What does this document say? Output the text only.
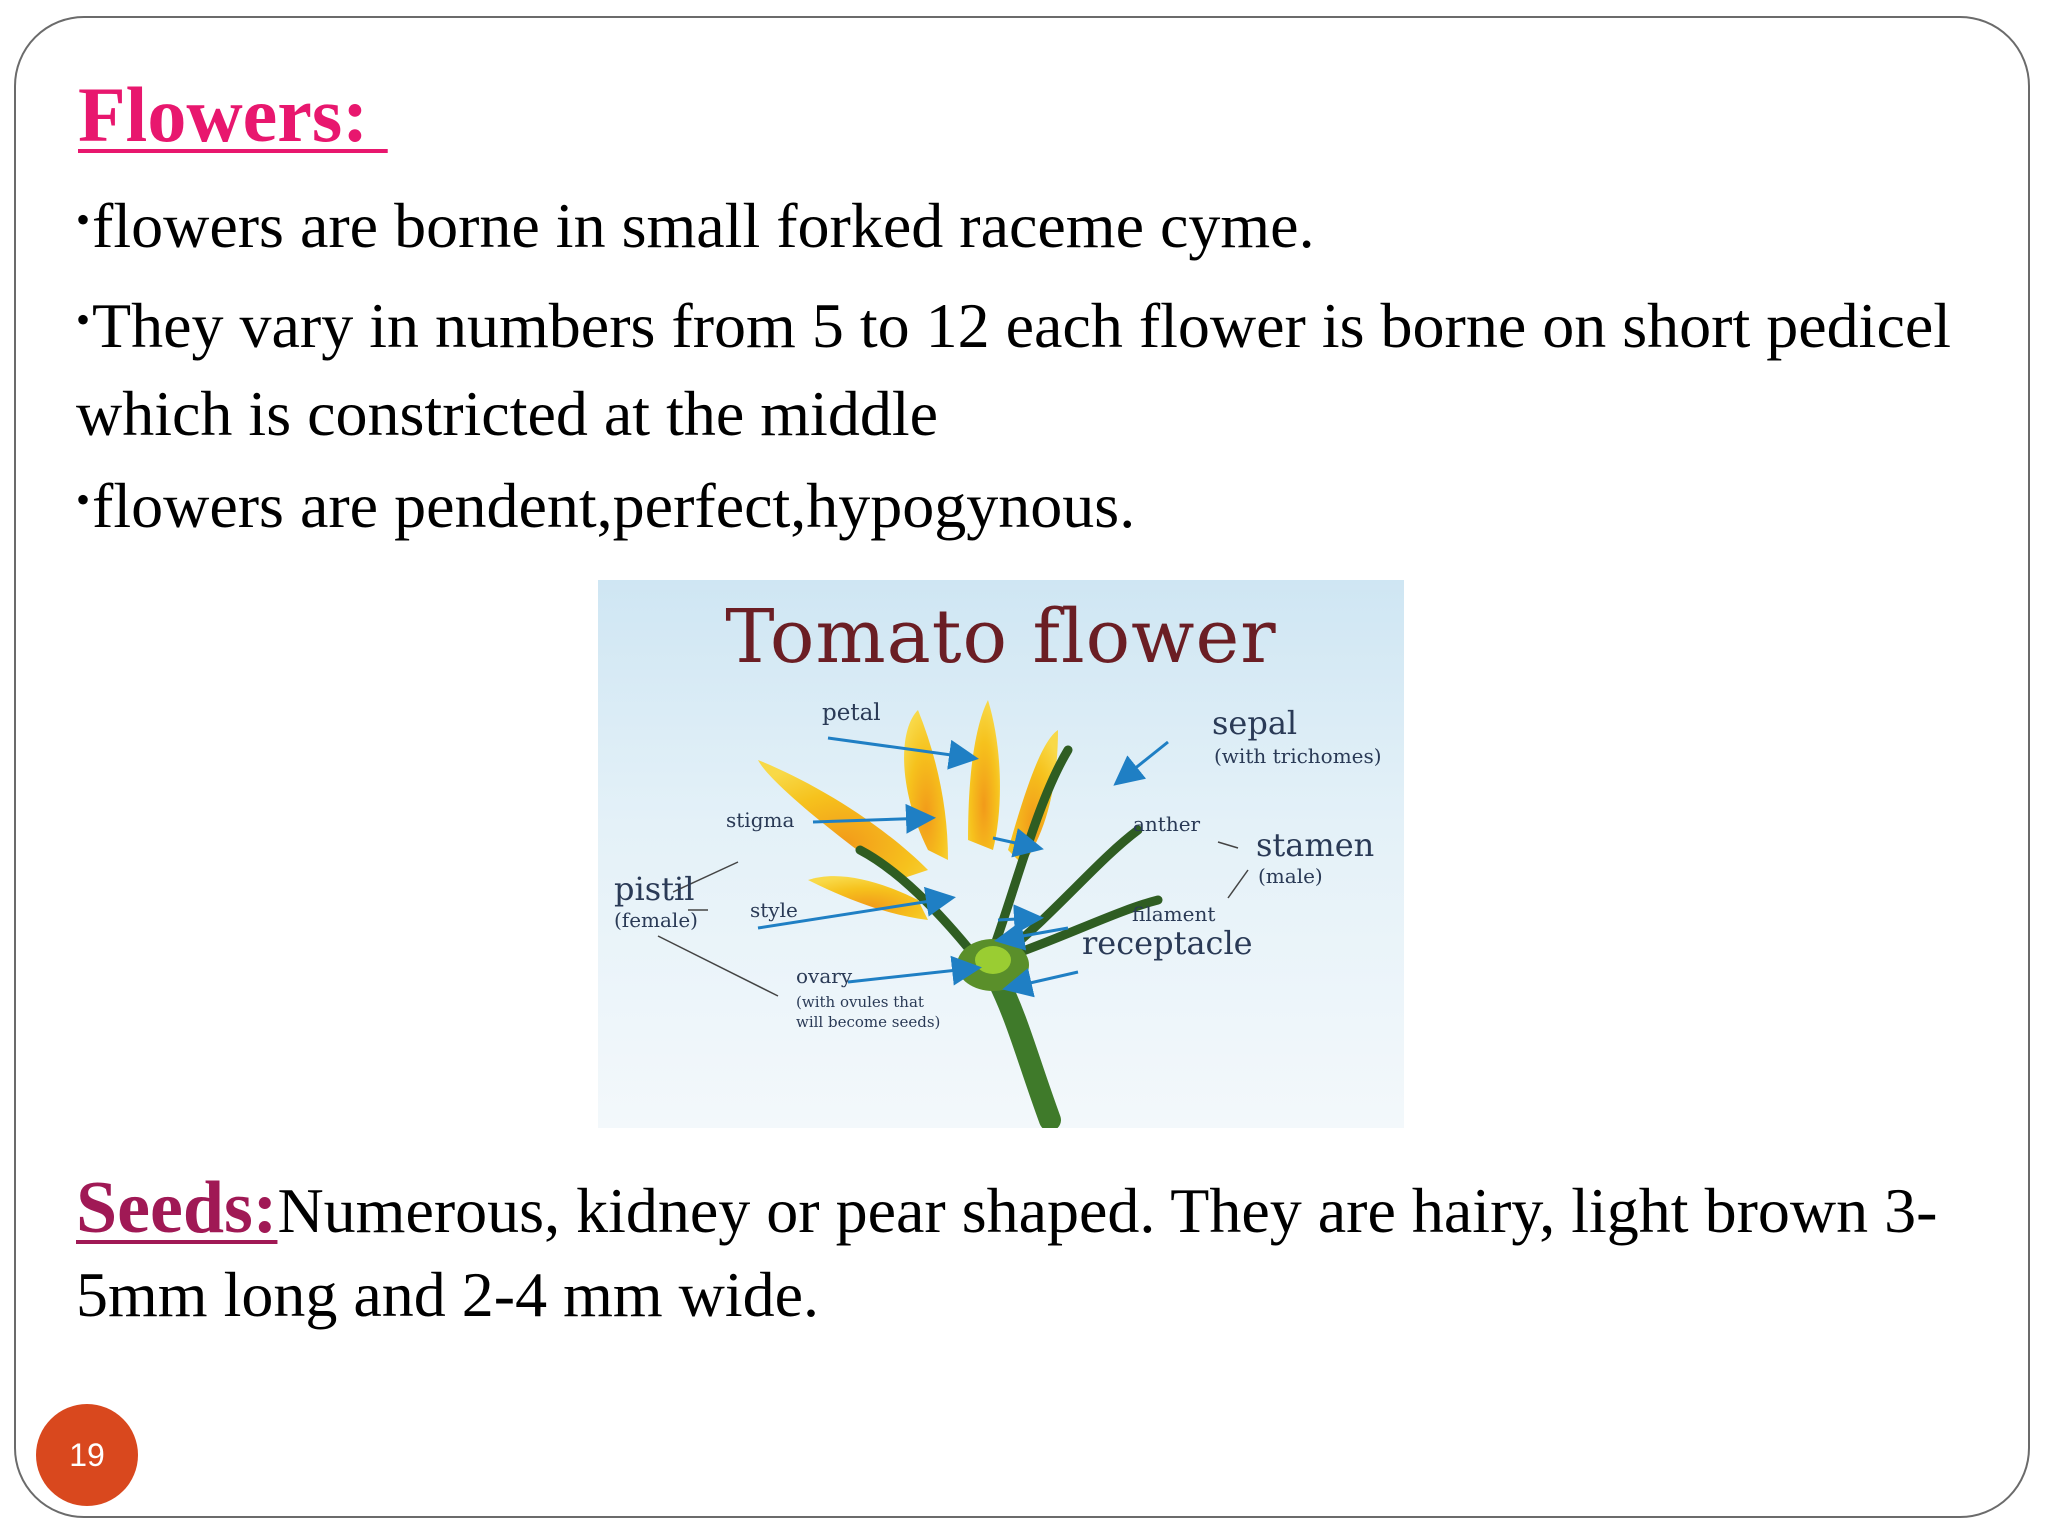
Flowers:
•flowers are borne in small forked raceme cyme.
•They vary in numbers from 5 to 12 each flower is borne on short pedicel which is constricted at the middle
•flowers are pendent,perfect,hypogynous.
Tomato flower
petal	sepal
(with trichomes)
stigma	anther
stamen
(male)
pistil
(female)	style	filament
receptacle
ovary
(with ovules that
will become seeds)
Seeds:Numerous, kidney or pear shaped. They are hairy, light brown 3-5mm long and 2-4 mm wide.
19
